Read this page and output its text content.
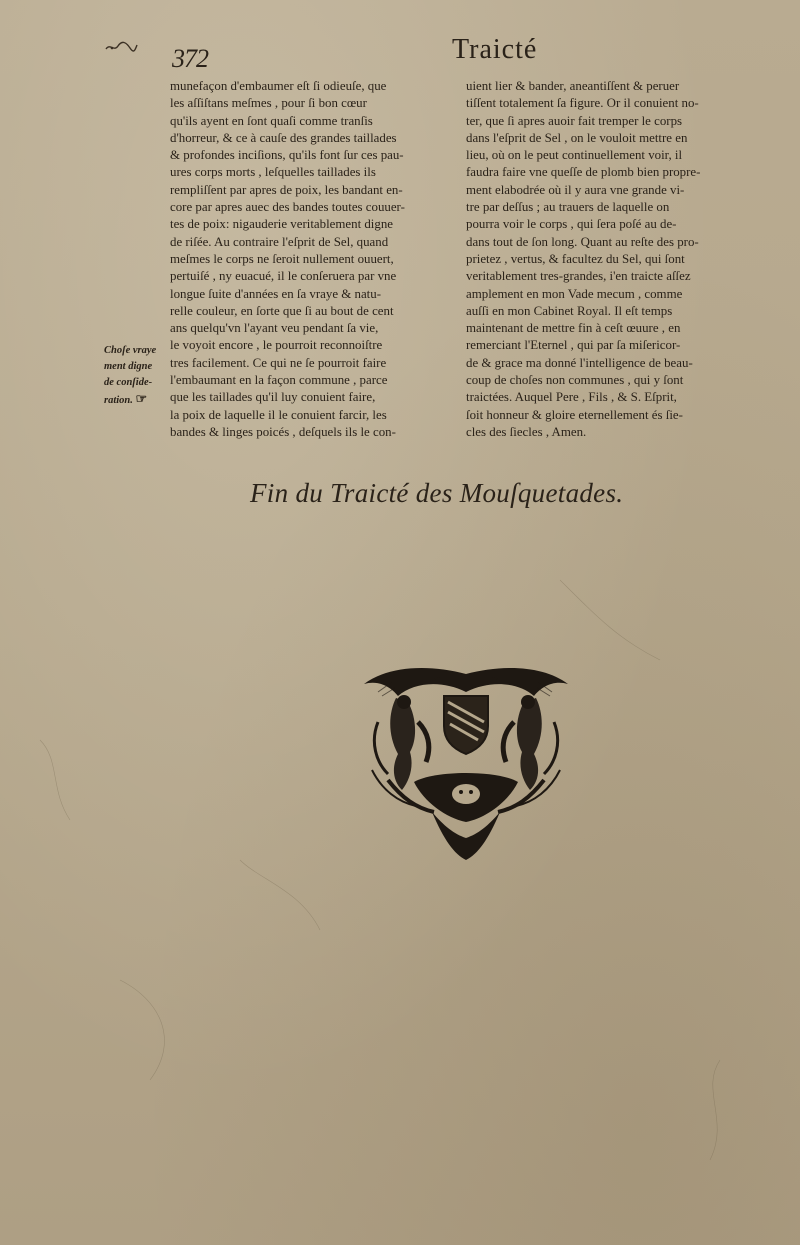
372	Traicté

munefaçon d'embaumer eſt ſi odieuſe, que

les aſſiſtans meſmes , pour ſi bon cœur

qu'ils ayent en ſont quaſi comme tranſis

d'horreur, & ce à cauſe des grandes taillades

& profondes inciſions, qu'ils font ſur ces pau-

ures corps morts , leſquelles taillades ils

rempliſſent par apres de poix, les bandant en-

core par apres auec des bandes toutes couuer-

tes de poix: nigauderie veritablement digne

de riſée. Au contraire l'eſprit de Sel, quand

meſmes le corps ne ſeroit nullement ouuert,

pertuiſé , ny euacué, il le conſeruera par vne

longue ſuite d'années en ſa vraye & natu-

relle couleur, en ſorte que ſi au bout de cent

ans quelqu'vn l'ayant veu pendant ſa vie,

le voyoit encore , le pourroit reconnoiſtre

tres facilement. Ce qui ne ſe pourroit faire

l'embaumant en la façon commune , parce

que les taillades qu'il luy conuient faire,

la poix de laquelle il le conuient farcir, les

bandes & linges poicés , deſquels ils le con-

uient lier & bander, aneantiſſent & peruer

tiſſent totalement ſa figure. Or il conuient no-

ter, que ſi apres auoir fait tremper le corps

dans l'eſprit de Sel , on le vouloit mettre en

lieu, où on le peut continuellement voir, il

faudra faire vne queſſe de plomb bien propre-

ment elabodrée où il y aura vne grande vi-

tre par deſſus ; au trauers de laquelle on

pourra voir le corps , qui ſera poſé au de-

dans tout de ſon long. Quant au reſte des pro-

prietez , vertus, & facultez du Sel, qui ſont

veritablement tres-grandes, i'en traicte aſſez

amplement en mon Vade mecum , comme

auſſi en mon Cabinet Royal. Il eſt temps

maintenant de mettre fin à ceſt œuure , en

remerciant l'Eternel , qui par ſa miſericor-

de & grace ma donné l'intelligence de beau-

coup de choſes non communes , qui y ſont

traictées. Auquel Pere , Fils , & S. Eſprit,

ſoit honneur & gloire eternellement és ſie-

cles des ſiecles , Amen.

Choſe vraye

ment digne

de conſide-

ration. ☞

Fin du Traicté des Mouſquetades.
